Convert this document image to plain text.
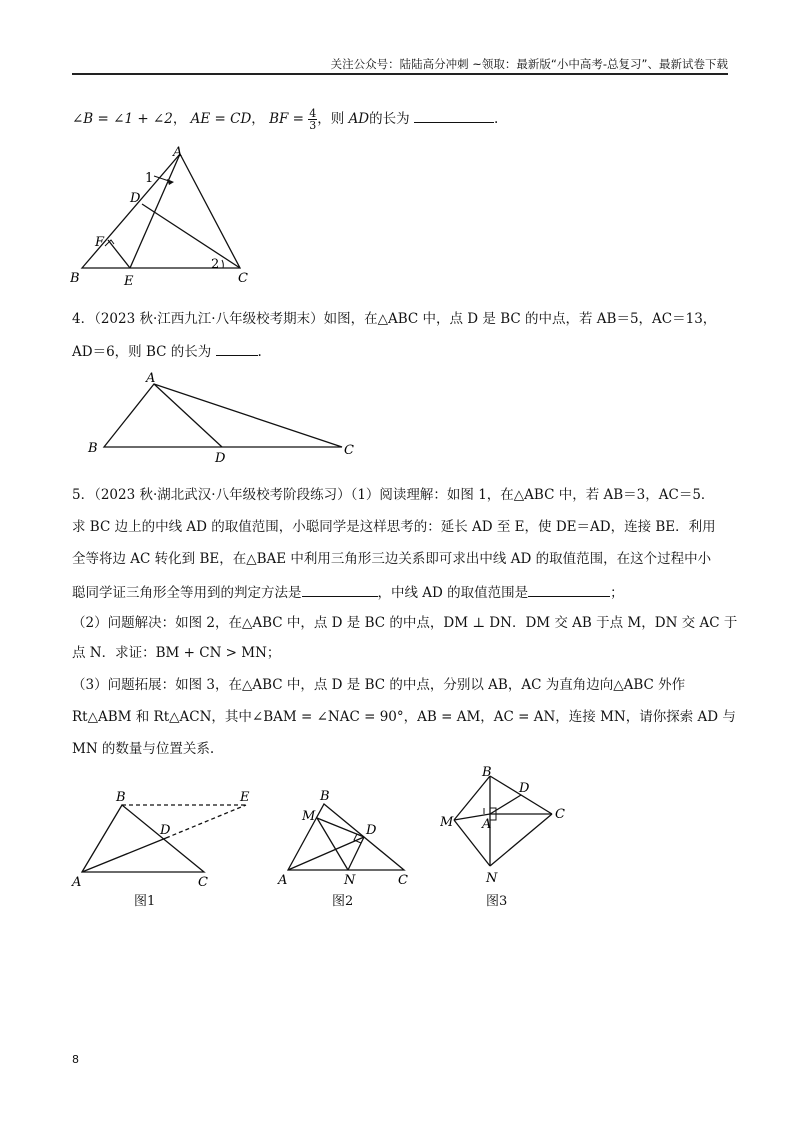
关注公众号：陆陆高分冲刺 ~领取：最新版“小中高考-总复习”、最新试卷下载
∠B = ∠1 + ∠2， AE = CD， BF = $\frac{4}{3}$ ，则 AD的长为	.
A
B	C
D
E
F
1
2
4．（2023 秋·江西九江·八年级校考期末）如图，在△ABC 中，点 D 是 BC 的中点，若 AB＝5，AC＝13，
AD＝6，则 BC 的长为	.
A
B	C
D
5．（2023 秋·湖北武汉·八年级校考阶段练习）（1）阅读理解：如图 1，在△ABC 中，若 AB＝3，AC＝5．
求 BC 边上的中线 AD 的取值范围，小聪同学是这样思考的：延长 AD 至 E，使 DE＝AD，连接 BE．利用
全等将边 AC 转化到 BE，在△BAE 中利用三角形三边关系即可求出中线 AD 的取值范围，在这个过程中小
聪同学证三角形全等用到的判定方法是	，中线 AD 的取值范围是	；
（2）问题解决：如图 2，在△ABC 中，点 D 是 BC 的中点，DM ⊥ DN．DM 交 AB 于点 M，DN 交 AC 于
点 N．求证：BM + CN > MN；
（3）问题拓展：如图 3，在△ABC 中，点 D 是 BC 的中点，分别以 AB，AC 为直角边向△ABC 外作
Rt△ABM 和 Rt△ACN，其中∠BAM = ∠NAC = 90°，AB = AM，AC = AN，连接 MN，请你探索 AD 与
MN 的数量与位置关系.
B	E
D
A	C
图1
B
M
D
A	N	C
图2
B
D
M A
C
N
图3
8
